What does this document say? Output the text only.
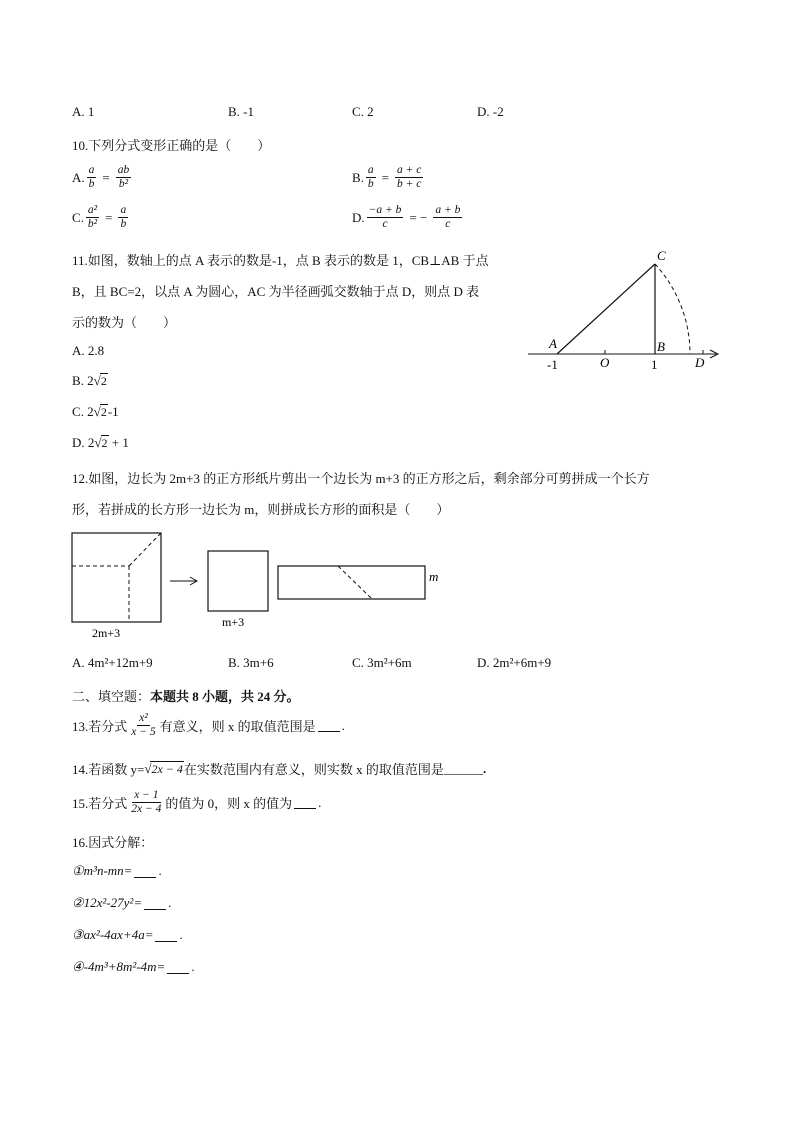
A. 1	B. -1	C. 2	D. -2
10.下列分式变形正确的是（　　）
A. $\frac{a}{b} = \frac{ab}{\text{b²}}$	B. $\frac{a}{b} = \frac{a + c}{b + c}$
C. $\frac{\text{a²}}{\text{b²}} = \frac{a}{b}$	D. $\frac{-a + b}{c}$ = − $\frac{a + b}{c}$
11.如图，数轴上的点 A 表示的数是-1，点 B 表示的数是 1，CB⊥AB 于点
B，且 BC=2，以点 A 为圆心，AC 为半径画弧交数轴于点 D，则点 D 表
示的数为（　　）
A. 2.8
B.
2 √ 2
C.
2 √ 2 -1
D.
2 √ 2
+ 1
C
A	B
D
O
-1	1
12.如图，边长为 2m+3 的正方形纸片剪出一个边长为 m+3 的正方形之后，剩余部分可剪拼成一个长方
形，若拼成的长方形一边长为 m，则拼成长方形的面积是（　　）
2m+3
m+3
m
A. 4m²+12m+9	B. 3m+6	C. 3m²+6m	D. 2m²+6m+9
二、填空题：本题共 8 小题，共 24 分。
13.若分式 $\frac{\text{x²}}{x - 5}$ 有意义，则 x 的取值范围是 .
14.若函数 y= √ 2x − 4 在实数范围内有意义，则实数 x 的取值范围是 ______ .
15.若分式 $\frac{x - 1}{2x - 4}$ 的值为 0，则 x 的值为 .
16.因式分解：
①m³n-mn= .
②12x²-27y²= .
③ax²-4ax+4a= .
④-4m³+8m²-4m= .
